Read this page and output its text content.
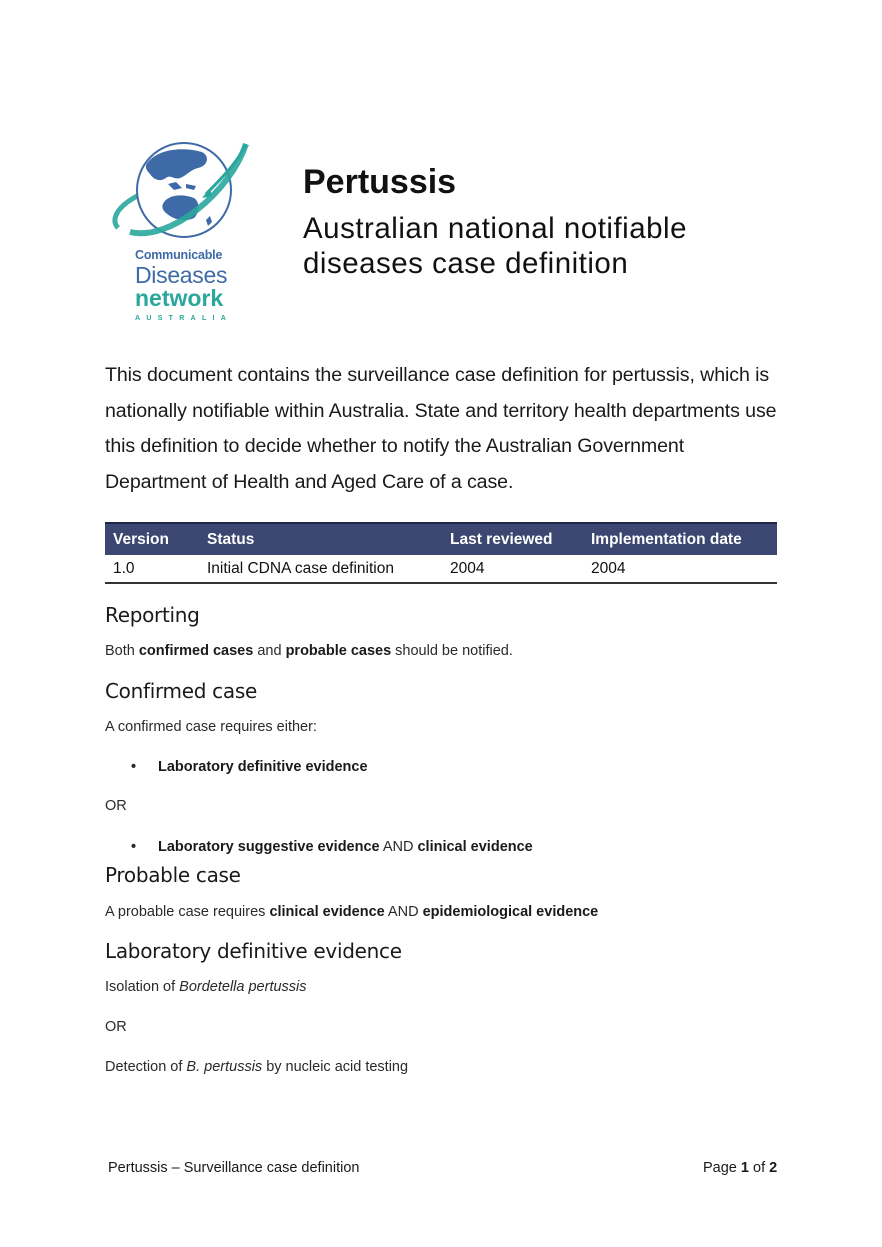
Communicable
Diseases
network
AUSTRALIA
Pertussis
Australian national notifiable diseases case definition

This document contains the surveillance case definition for pertussis, which is nationally notifiable within Australia. State and territory health departments use this definition to decide whether to notify the Australian Government Department of Health and Aged Care of a case.

Version	Status	Last reviewed	Implementation date
1.0	Initial CDNA case definition	2004	2004
Reporting

Both confirmed cases and probable cases should be notified.

Confirmed case

A confirmed case requires either:

• Laboratory definitive evidence

OR

• Laboratory suggestive evidence AND clinical evidence
Probable case

A probable case requires clinical evidence AND epidemiological evidence

Laboratory definitive evidence

Isolation of Bordetella pertussis

OR

Detection of B. pertussis by nucleic acid testing

Pertussis – Surveillance case definition	Page 1 of 2
